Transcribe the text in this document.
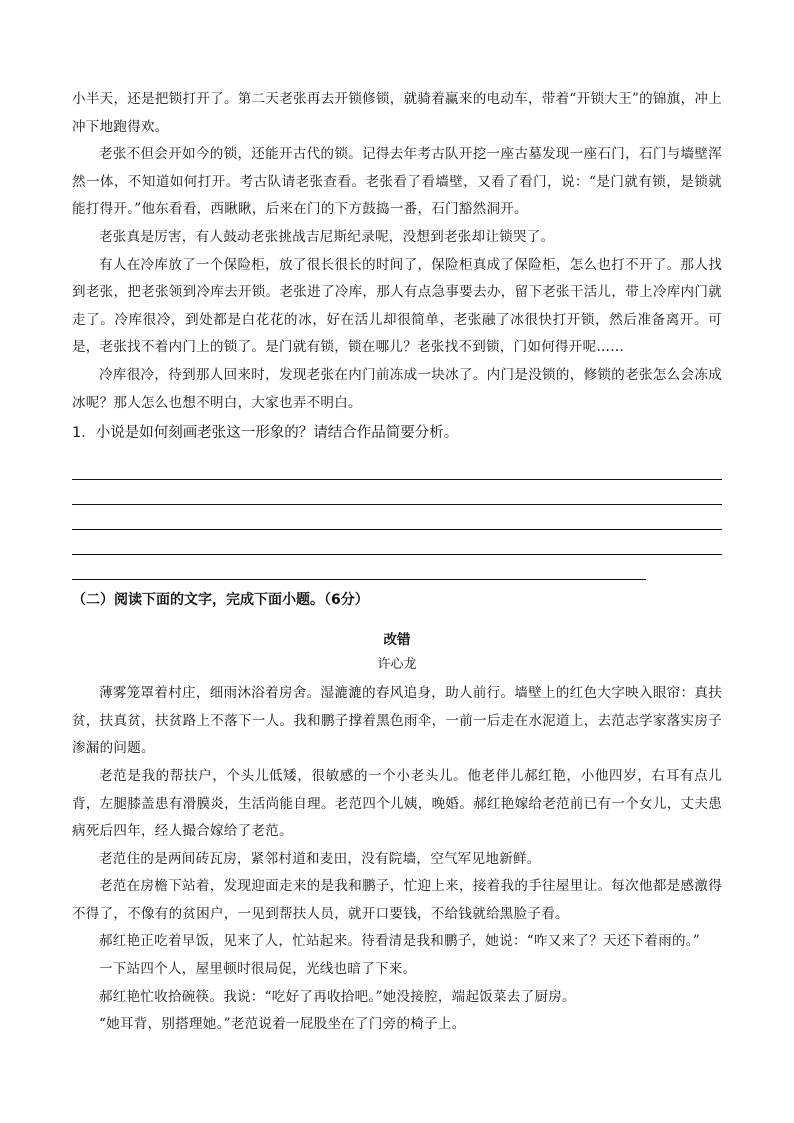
小半天，还是把锁打开了。第二天老张再去开锁修锁，就骑着赢来的电动车，带着“开锁大王”的锦旗，冲上冲下地跑得欢。

老张不但会开如今的锁，还能开古代的锁。记得去年考古队开挖一座古墓发现一座石门，石门与墙壁浑然一体，不知道如何打开。考古队请老张查看。老张看了看墙壁，又看了看门，说：“是门就有锁，是锁就能打得开。”他东看看，西瞅瞅，后来在门的下方鼓捣一番，石门豁然洞开。

老张真是厉害，有人鼓动老张挑战吉尼斯纪录呢，没想到老张却让锁哭了。

有人在冷库放了一个保险柜，放了很长很长的时间了，保险柜真成了保险柜，怎么也打不开了。那人找到老张，把老张领到冷库去开锁。老张进了冷库，那人有点急事要去办，留下老张干活儿，带上冷库内门就走了。冷库很冷，到处都是白花花的冰，好在活儿却很简单，老张融了冰很快打开锁，然后准备离开。可是，老张找不着内门上的锁了。是门就有锁，锁在哪儿？老张找不到锁，门如何得开呢……

冷库很冷，待到那人回来时，发现老张在内门前冻成一块冰了。内门是没锁的，修锁的老张怎么会冻成冰呢？那人怎么也想不明白，大家也弄不明白。

1．小说是如何刻画老张这一形象的？请结合作品简要分析。

（二）阅读下面的文字，完成下面小题。（6分）

改错

许心龙

薄雾笼罩着村庄，细雨沐浴着房舍。湿漉漉的春风追身，助人前行。墙壁上的红色大字映入眼帘：真扶贫，扶真贫，扶贫路上不落下一人。我和鹏子撑着黑色雨伞，一前一后走在水泥道上，去范志学家落实房子渗漏的问题。

老范是我的帮扶户，个头儿低矮，很敏感的一个小老头儿。他老伴儿郝红艳，小他四岁，右耳有点儿背，左腿膝盖患有滑膜炎，生活尚能自理。老范四个儿姨，晚婚。郝红艳嫁给老范前已有一个女儿，丈夫患病死后四年，经人撮合嫁给了老范。

老范住的是两间砖瓦房，紧邻村道和麦田，没有院墙，空气军见地新鲜。

老范在房檐下站着，发现迎面走来的是我和鹏子，忙迎上来，接着我的手往屋里让。每次他都是感激得不得了，不像有的贫困户，一见到帮扶人员，就开口要钱，不给钱就给黑脸子看。

郝红艳正吃着早饭，见来了人，忙站起来。待看清是我和鹏子，她说：“咋又来了？天还下着雨的。”

一下站四个人，屋里顿时很局促，光线也暗了下来。

郝红艳忙收拾碗筷。我说：“吃好了再收拾吧。”她没接腔，端起饭菜去了厨房。

“她耳背，别搭理她。”老范说着一屁股坐在了门旁的椅子上。
